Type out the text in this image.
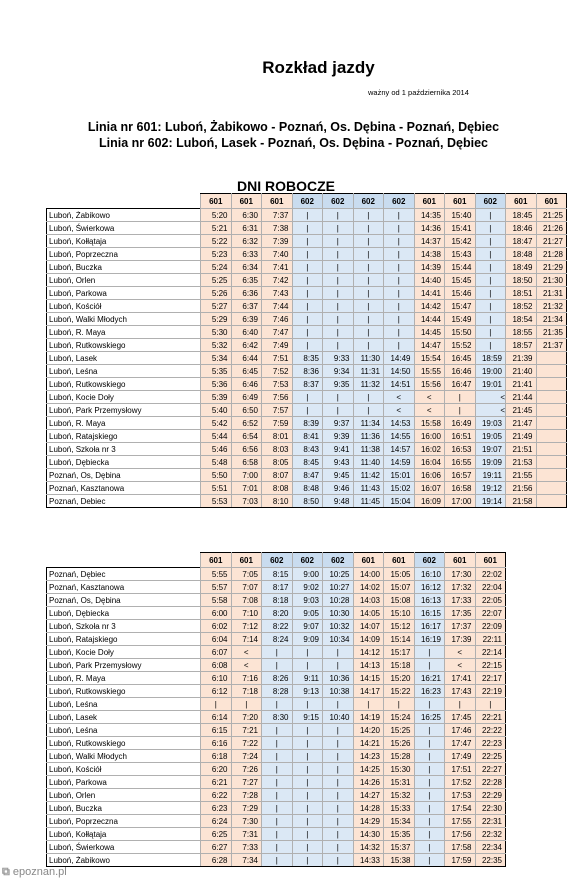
Rozkład jazdy
ważny od 1 października 2014
Linia nr 601: Luboń, Żabikowo - Poznań, Os. Dębina - Poznań, Dębiec
Linia nr 602: Luboń, Lasek - Poznań, Os. Dębina - Poznań, Dębiec
DNI ROBOCZE
	601	601	601	602	602	602	602	601	601	602	601	601
Luboń, Żabikowo	5:20	6:30	7:37	|	|	|	|	14:35	15:40	|	18:45	21:25
Luboń, Świerkowa	5:21	6:31	7:38	|	|	|	|	14:36	15:41	|	18:46	21:26
Luboń, Kołłątaja	5:22	6:32	7:39	|	|	|	|	14:37	15:42	|	18:47	21:27
Luboń, Poprzeczna	5:23	6:33	7:40	|	|	|	|	14:38	15:43	|	18:48	21:28
Luboń, Buczka	5:24	6:34	7:41	|	|	|	|	14:39	15:44	|	18:49	21:29
Luboń, Orlen	5:25	6:35	7:42	|	|	|	|	14:40	15:45	|	18:50	21:30
Luboń, Parkowa	5:26	6:36	7:43	|	|	|	|	14:41	15:46	|	18:51	21:31
Luboń, Kościół	5:27	6:37	7:44	|	|	|	|	14:42	15:47	|	18:52	21:32
Luboń, Walki Młodych	5:29	6:39	7:46	|	|	|	|	14:44	15:49	|	18:54	21:34
Luboń, R. Maya	5:30	6:40	7:47	|	|	|	|	14:45	15:50	|	18:55	21:35
Luboń, Rutkowskiego	5:32	6:42	7:49	|	|	|	|	14:47	15:52	|	18:57	21:37
Luboń, Lasek	5:34	6:44	7:51	8:35	9:33	11:30	14:49	15:54	16:45	18:59	21:39	
Luboń, Leśna	5:35	6:45	7:52	8:36	9:34	11:31	14:50	15:55	16:46	19:00	21:40	
Luboń, Rutkowskiego	5:36	6:46	7:53	8:37	9:35	11:32	14:51	15:56	16:47	19:01	21:41	
Luboń, Kocie Doły	5:39	6:49	7:56	|	|	|	<	<	|	<	21:44	
Luboń, Park Przemysłowy	5:40	6:50	7:57	|	|	|	<	<	|	<	21:45	
Luboń, R. Maya	5:42	6:52	7:59	8:39	9:37	11:34	14:53	15:58	16:49	19:03	21:47	
Luboń, Ratajskiego	5:44	6:54	8:01	8:41	9:39	11:36	14:55	16:00	16:51	19:05	21:49	
Luboń, Szkoła nr 3	5:46	6:56	8:03	8:43	9:41	11:38	14:57	16:02	16:53	19:07	21:51	
Luboń, Dębiecka	5:48	6:58	8:05	8:45	9:43	11:40	14:59	16:04	16:55	19:09	21:53	
Poznań, Os, Dębina	5:50	7:00	8:07	8:47	9:45	11:42	15:01	16:06	16:57	19:11	21:55	
Poznań, Kasztanowa	5:51	7:01	8:08	8:48	9:46	11:43	15:02	16:07	16:58	19:12	21:56	
Poznań, Debiec	5:53	7:03	8:10	8:50	9:48	11:45	15:04	16:09	17:00	19:14	21:58	
	601	601	602	602	602	601	601	602	601	601
Poznań, Dębiec	5:55	7:05	8:15	9:00	10:25	14:00	15:05	16:10	17:30	22:02
Poznań, Kasztanowa	5:57	7:07	8:17	9:02	10:27	14:02	15:07	16:12	17:32	22:04
Poznań, Os, Dębina	5:58	7:08	8:18	9:03	10:28	14:03	15:08	16:13	17:33	22:05
Luboń, Dębiecka	6:00	7:10	8:20	9:05	10:30	14:05	15:10	16:15	17:35	22:07
Luboń, Szkoła nr 3	6:02	7:12	8:22	9:07	10:32	14:07	15:12	16:17	17:37	22:09
Luboń, Ratajskiego	6:04	7:14	8:24	9:09	10:34	14:09	15:14	16:19	17:39	22:11
Luboń, Kocie Doły	6:07	<	|	|	|	14:12	15:17	|	<	22:14
Luboń, Park Przemysłowy	6:08	<	|	|	|	14:13	15:18	|	<	22:15
Luboń, R. Maya	6:10	7:16	8:26	9:11	10:36	14:15	15:20	16:21	17:41	22:17
Luboń, Rutkowskiego	6:12	7:18	8:28	9:13	10:38	14:17	15:22	16:23	17:43	22:19
Luboń, Leśna	|	|	|	|	|	|	|	|	|	|
Luboń, Lasek	6:14	7:20	8:30	9:15	10:40	14:19	15:24	16:25	17:45	22:21
Luboń, Leśna	6:15	7:21	|	|	|	14:20	15:25	|	17:46	22:22
Luboń, Rutkowskiego	6:16	7:22	|	|	|	14:21	15:26	|	17:47	22:23
Luboń, Walki Młodych	6:18	7:24	|	|	|	14:23	15:28	|	17:49	22:25
Luboń, Kościół	6:20	7:26	|	|	|	14:25	15:30	|	17:51	22:27
Luboń, Parkowa	6:21	7:27	|	|	|	14:26	15:31	|	17:52	22:28
Luboń, Orlen	6:22	7:28	|	|	|	14:27	15:32	|	17:53	22:29
Luboń, Buczka	6:23	7:29	|	|	|	14:28	15:33	|	17:54	22:30
Luboń, Poprzeczna	6:24	7:30	|	|	|	14:29	15:34	|	17:55	22:31
Luboń, Kołłątaja	6:25	7:31	|	|	|	14:30	15:35	|	17:56	22:32
Luboń, Świerkowa	6:27	7:33	|	|	|	14:32	15:37	|	17:58	22:34
Luboń, Żabikowo	6:28	7:34	|	|	|	14:33	15:38	|	17:59	22:35
⧉ epoznan.pl
